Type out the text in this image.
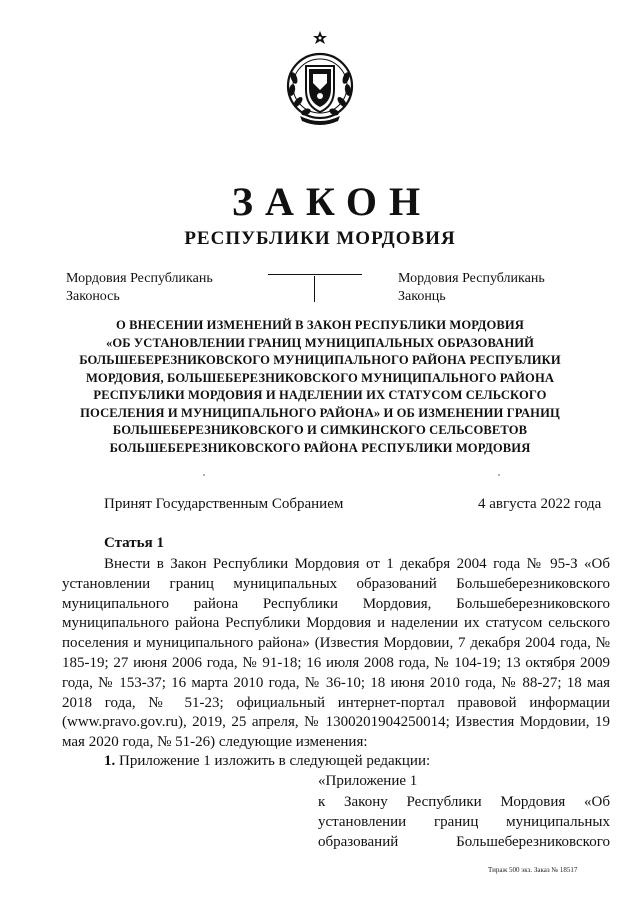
ЗАКОН
РЕСПУБЛИКИ МОРДОВИЯ
Мордовия Республикань
Законось
Мордовия Республикань
Законць
О ВНЕСЕНИИ ИЗМЕНЕНИЙ В ЗАКОН РЕСПУБЛИКИ МОРДОВИЯ
«ОБ УСТАНОВЛЕНИИ ГРАНИЦ МУНИЦИПАЛЬНЫХ ОБРАЗОВАНИЙ
БОЛЬШЕБЕРЕЗНИКОВСКОГО МУНИЦИПАЛЬНОГО РАЙОНА РЕСПУБЛИКИ
МОРДОВИЯ, БОЛЬШЕБЕРЕЗНИКОВСКОГО МУНИЦИПАЛЬНОГО РАЙОНА
РЕСПУБЛИКИ МОРДОВИЯ И НАДЕЛЕНИИ ИХ СТАТУСОМ СЕЛЬСКОГО
ПОСЕЛЕНИЯ И МУНИЦИПАЛЬНОГО РАЙОНА» И ОБ ИЗМЕНЕНИИ ГРАНИЦ
БОЛЬШЕБЕРЕЗНИКОВСКОГО И СИМКИНСКОГО СЕЛЬСОВЕТОВ
БОЛЬШЕБЕРЕЗНИКОВСКОГО РАЙОНА РЕСПУБЛИКИ МОРДОВИЯ
Принят Государственным Собранием	4 августа 2022 года
Статья 1
Внести в Закон Республики Мордовия от 1 декабря 2004 года № 95-З «Об
установлении границ муниципальных образований Большеберезниковского
муниципального района Республики Мордовия, Большеберезниковского
муниципального района Республики Мордовия и наделении их статусом сельского
поселения и муниципального района» (Известия Мордовии, 7 декабря 2004 года, №
185-19; 27 июня 2006 года, № 91-18; 16 июля 2008 года, № 104-19; 13 октября 2009
года, № 153-37; 16 марта 2010 года, № 36-10; 18 июня 2010 года, № 88-27; 18 мая
2018 года, № 51-23; официальный интернет-портал правовой информации
(www.pravo.gov.ru), 2019, 25 апреля, № 1300201904250014; Известия Мордовии, 19
мая 2020 года, № 51-26) следующие изменения:
1. Приложение 1 изложить в следующей редакции:
«Приложение 1
к Закону Республики Мордовия «Об
установлении границ муниципальных
образований Большеберезниковского
Тираж 500 экз. Заказ № 18517
